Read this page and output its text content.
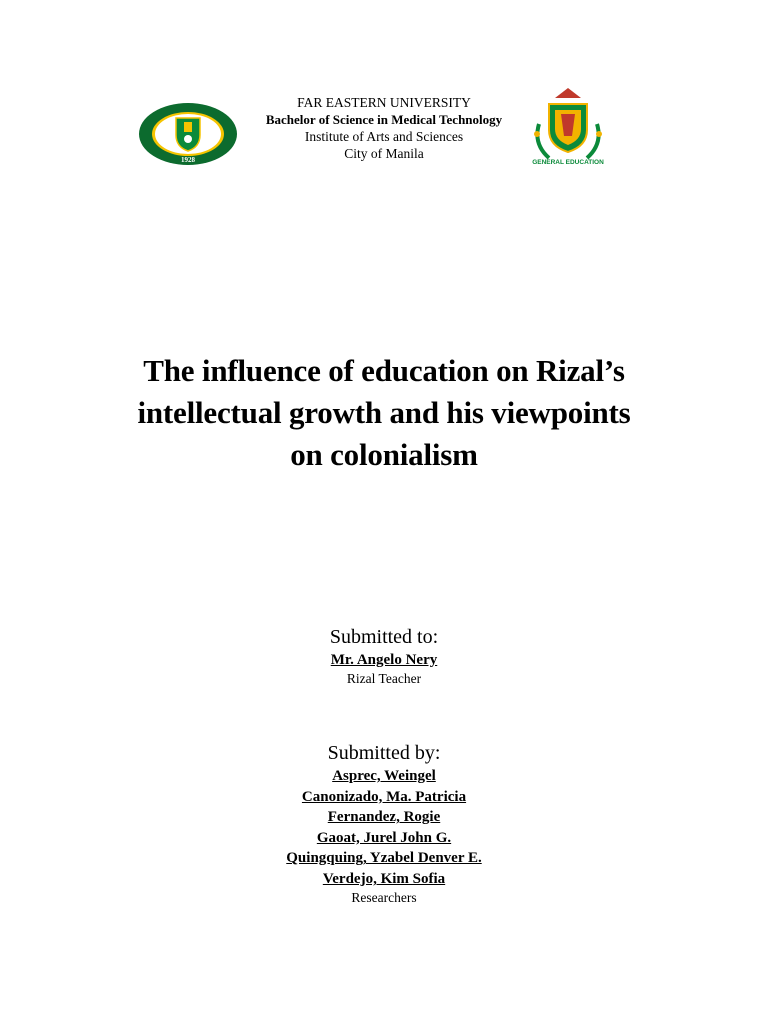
1928
FAR EASTERN UNIVERSITY
Bachelor of Science in Medical Technology
Institute of Arts and Sciences
City of Manila
GENERAL EDUCATION
The influence of education on Rizal’s
intellectual growth and his viewpoints
on colonialism
Submitted to:
Mr. Angelo Nery
Rizal Teacher
Submitted by:
Asprec, Weingel
Canonizado, Ma. Patricia
Fernandez, Rogie
Gaoat, Jurel John G.
Quingquing, Yzabel Denver E.
Verdejo, Kim Sofia
Researchers
